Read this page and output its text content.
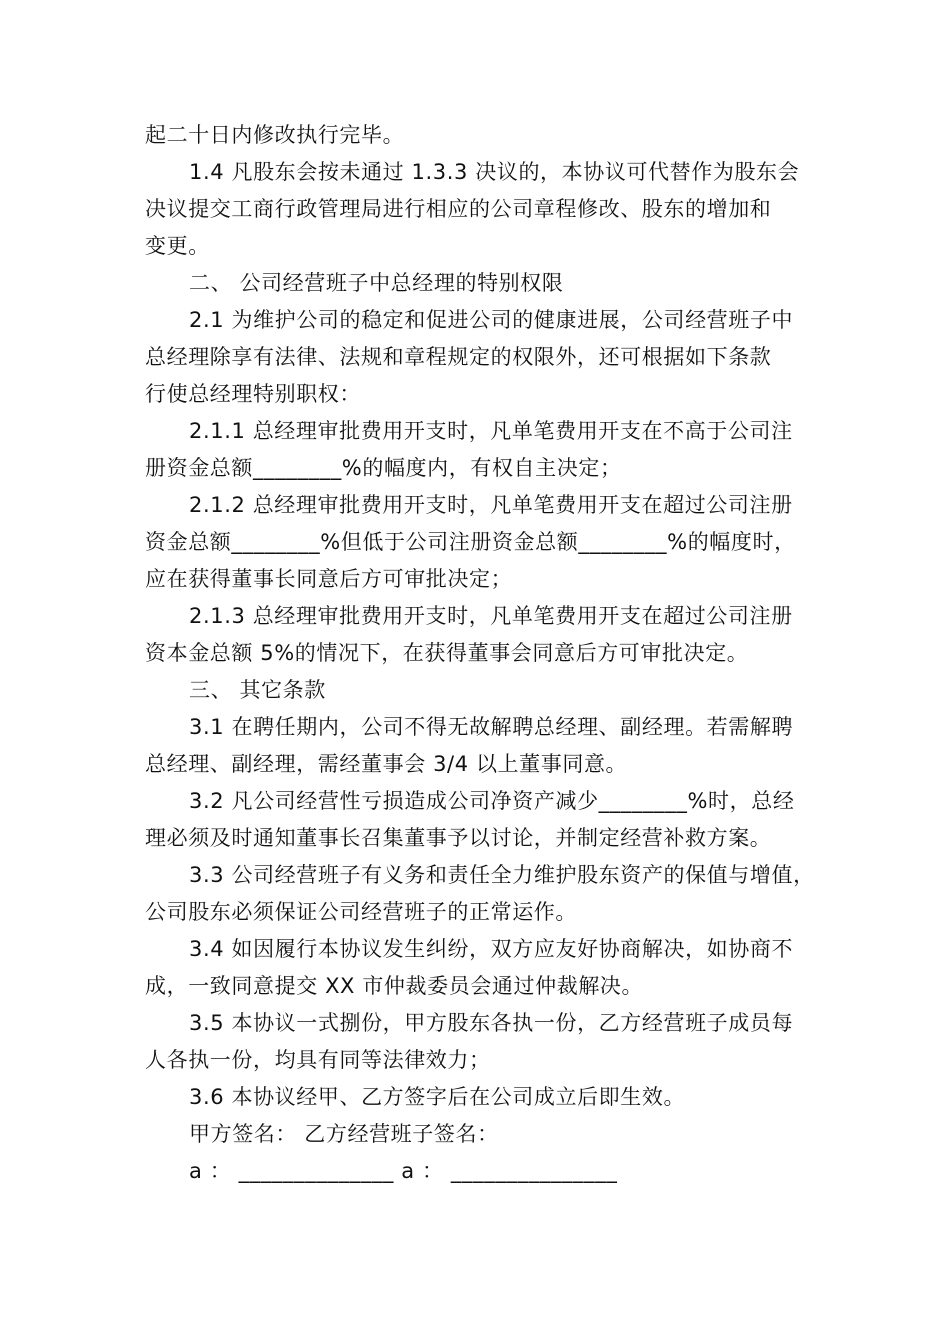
起二十日内修改执行完毕。
1.4 凡股东会按未通过 1.3.3 决议的，本协议可代替作为股东会
决议提交工商行政管理局进行相应的公司章程修改、股东的增加和
变更。
二、 公司经营班子中总经理的特别权限
2.1 为维护公司的稳定和促进公司的健康进展，公司经营班子中
总经理除享有法律、法规和章程规定的权限外，还可根据如下条款
行使总经理特别职权：
2.1.1 总经理审批费用开支时，凡单笔费用开支在不高于公司注
册资金总额________%的幅度内，有权自主决定；
2.1.2 总经理审批费用开支时，凡单笔费用开支在超过公司注册
资金总额________%但低于公司注册资金总额________%的幅度时，
应在获得董事长同意后方可审批决定；
2.1.3 总经理审批费用开支时，凡单笔费用开支在超过公司注册
资本金总额 5%的情况下，在获得董事会同意后方可审批决定。
三、 其它条款
3.1 在聘任期内，公司不得无故解聘总经理、副经理。若需解聘
总经理、副经理，需经董事会 3/4 以上董事同意。
3.2 凡公司经营性亏损造成公司净资产减少________%时，总经
理必须及时通知董事长召集董事予以讨论，并制定经营补救方案。
3.3 公司经营班子有义务和责任全力维护股东资产的保值与增值，
公司股东必须保证公司经营班子的正常运作。
3.4 如因履行本协议发生纠纷，双方应友好协商解决，如协商不
成，一致同意提交 XX 市仲裁委员会通过仲裁解决。
3.5 本协议一式捌份，甲方股东各执一份，乙方经营班子成员每
人各执一份，均具有同等法律效力；
3.6 本协议经甲、乙方签字后在公司成立后即生效。
甲方签名： 乙方经营班子签名：
a ： ______________ a ： _______________
